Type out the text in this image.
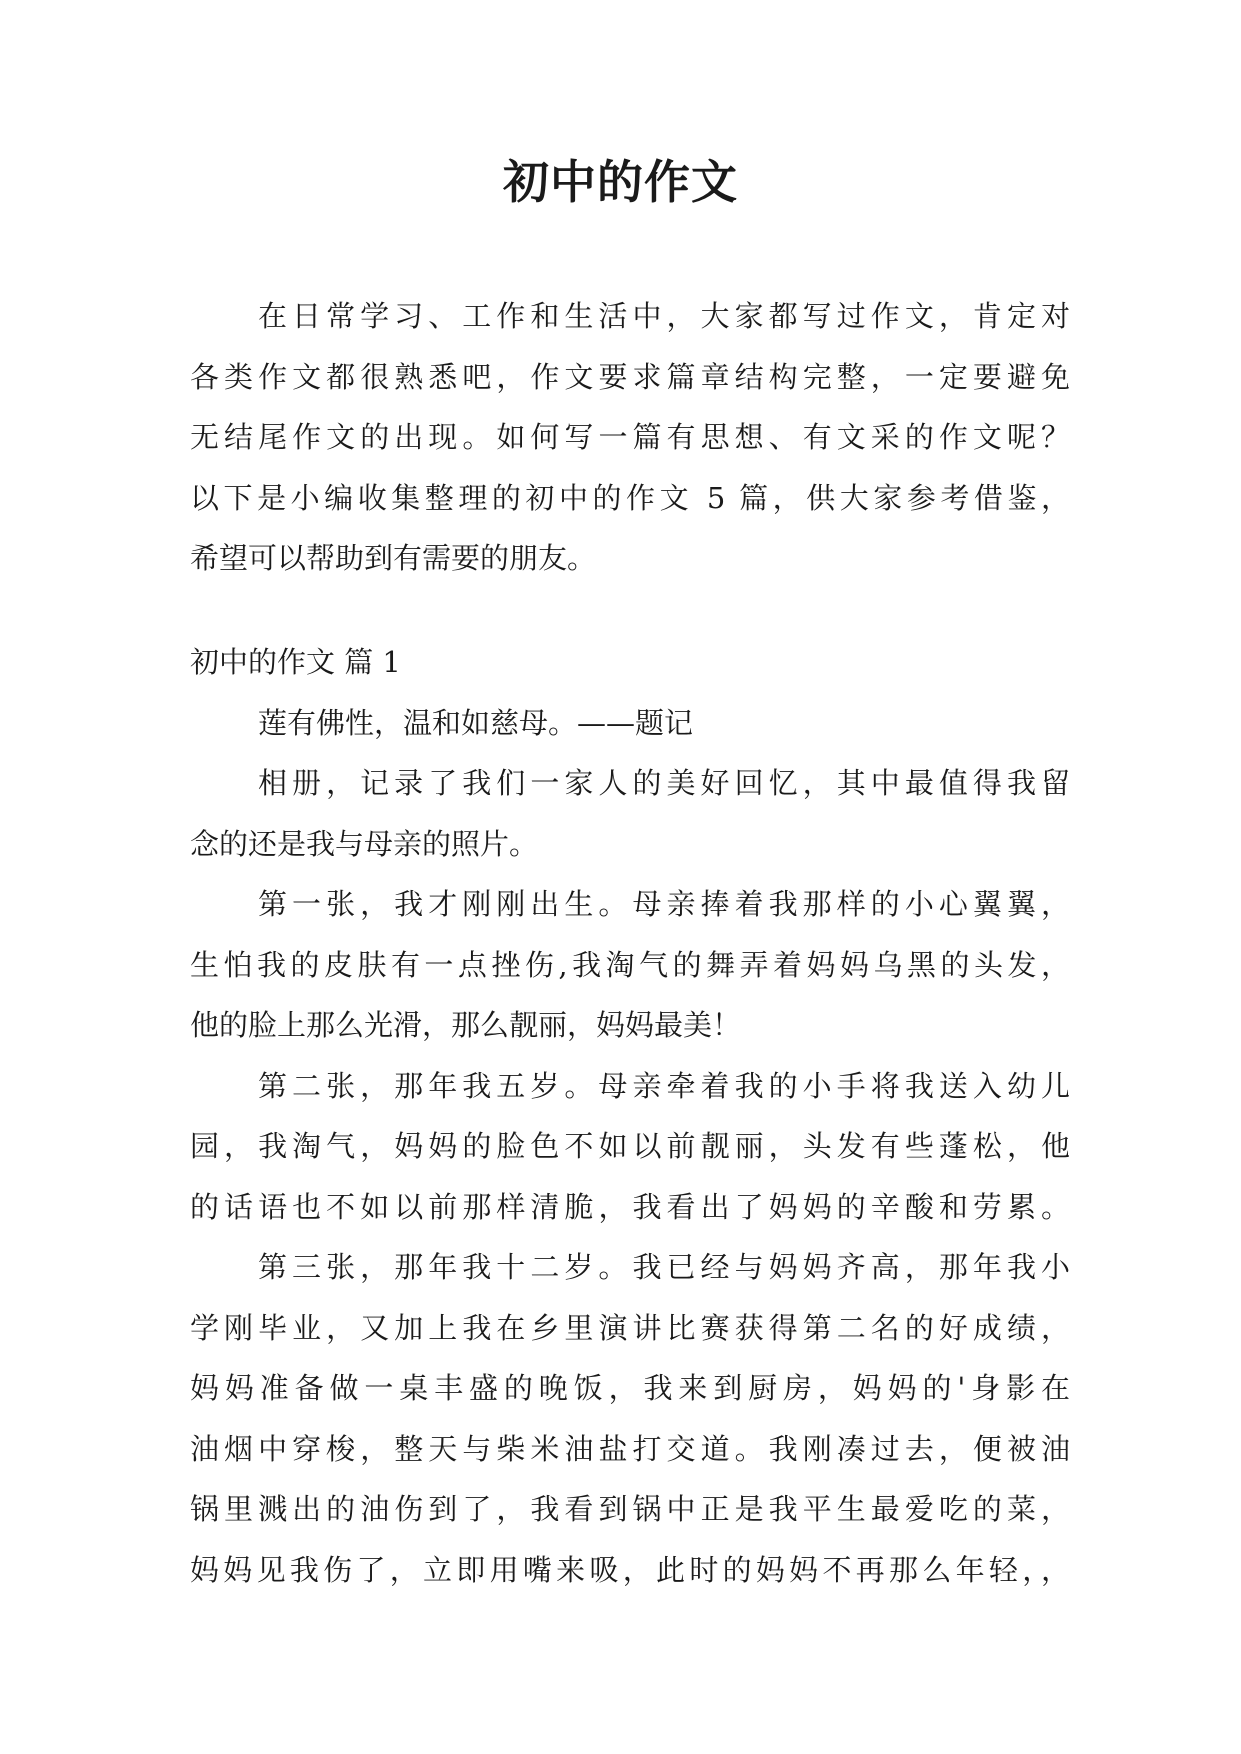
初中的作文
在日常学习、工作和生活中，大家都写过作文，肯定对
各类作文都很熟悉吧，作文要求篇章结构完整，一定要避免
无结尾作文的出现。如何写一篇有思想、有文采的作文呢？
以下是小编收集整理的初中的作文 5 篇，供大家参考借鉴，
希望可以帮助到有需要的朋友。
初中的作文 篇 1
莲有佛性，温和如慈母。——题记
相册，记录了我们一家人的美好回忆，其中最值得我留
念的还是我与母亲的照片。
第一张，我才刚刚出生。母亲捧着我那样的小心翼翼，
生怕我的皮肤有一点挫伤,我淘气的舞弄着妈妈乌黑的头发，
他的脸上那么光滑，那么靓丽，妈妈最美！
第二张，那年我五岁。母亲牵着我的小手将我送入幼儿
园，我淘气，妈妈的脸色不如以前靓丽，头发有些蓬松，他
的话语也不如以前那样清脆，我看出了妈妈的辛酸和劳累。
第三张，那年我十二岁。我已经与妈妈齐高，那年我小
学刚毕业，又加上我在乡里演讲比赛获得第二名的好成绩，
妈妈准备做一桌丰盛的晚饭，我来到厨房，妈妈的'身影在
油烟中穿梭，整天与柴米油盐打交道。我刚凑过去，便被油
锅里溅出的油伤到了，我看到锅中正是我平生最爱吃的菜，
妈妈见我伤了，立即用嘴来吸，此时的妈妈不再那么年轻，，
